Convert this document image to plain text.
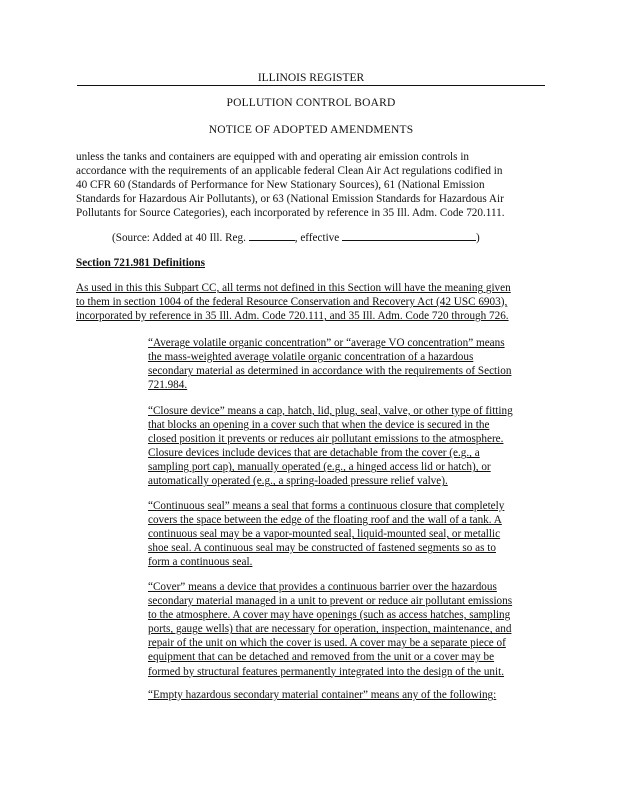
ILLINOIS REGISTER
POLLUTION CONTROL BOARD
NOTICE OF ADOPTED AMENDMENTS
unless the tanks and containers are equipped with and operating air emission controls in
accordance with the requirements of an applicable federal Clean Air Act regulations codified in
40 CFR 60 (Standards of Performance for New Stationary Sources), 61 (National Emission
Standards for Hazardous Air Pollutants), or 63 (National Emission Standards for Hazardous Air
Pollutants for Source Categories), each incorporated by reference in 35 Ill. Adm. Code 720.111.
(Source: Added at 40 Ill. Reg.	, effective	)
Section 721.981 Definitions
As used in this this Subpart CC, all terms not defined in this Section will have the meaning given
to them in section 1004 of the federal Resource Conservation and Recovery Act (42 USC 6903),
incorporated by reference in 35 Ill. Adm. Code 720.111, and 35 Ill. Adm. Code 720 through 726.
“Average volatile organic concentration” or “average VO concentration” means
the mass-weighted average volatile organic concentration of a hazardous
secondary material as determined in accordance with the requirements of Section
721.984.
“Closure device” means a cap, hatch, lid, plug, seal, valve, or other type of fitting
that blocks an opening in a cover such that when the device is secured in the
closed position it prevents or reduces air pollutant emissions to the atmosphere.
Closure devices include devices that are detachable from the cover (e.g., a
sampling port cap), manually operated (e.g., a hinged access lid or hatch), or
automatically operated (e.g., a spring-loaded pressure relief valve).
“Continuous seal” means a seal that forms a continuous closure that completely
covers the space between the edge of the floating roof and the wall of a tank. A
continuous seal may be a vapor-mounted seal, liquid-mounted seal, or metallic
shoe seal. A continuous seal may be constructed of fastened segments so as to
form a continuous seal.
“Cover” means a device that provides a continuous barrier over the hazardous
secondary material managed in a unit to prevent or reduce air pollutant emissions
to the atmosphere. A cover may have openings (such as access hatches, sampling
ports, gauge wells) that are necessary for operation, inspection, maintenance, and
repair of the unit on which the cover is used. A cover may be a separate piece of
equipment that can be detached and removed from the unit or a cover may be
formed by structural features permanently integrated into the design of the unit.
“Empty hazardous secondary material container” means any of the following:
